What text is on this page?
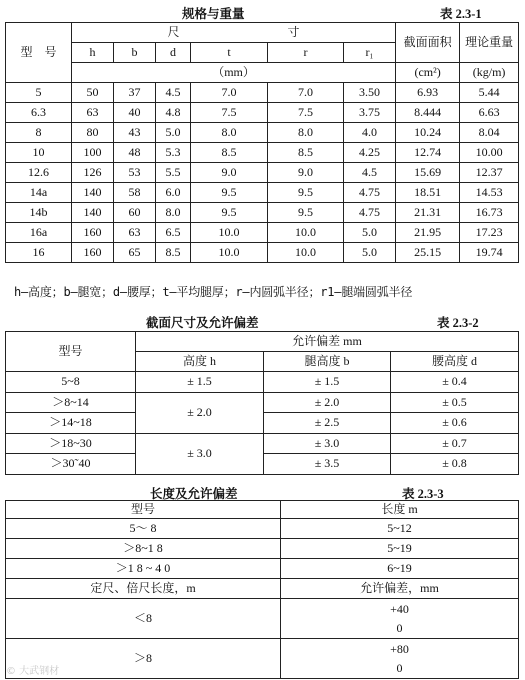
规格与重量	表 2.3-1
型　号	尺　　　　　　　　　寸						截面面积	理论重量
	h	b	d	t	r	r₁		
	（mm）						(cm²)	(kg/m)
5	50	37	4.5	7.0	7.0	3.50	6.93	5.44
6.3	63	40	4.8	7.5	7.5	3.75	8.444	6.63
8	80	43	5.0	8.0	8.0	4.0	10.24	8.04
10	100	48	5.3	8.5	8.5	4.25	12.74	10.00
12.6	126	53	5.5	9.0	9.0	4.5	15.69	12.37
14a	140	58	6.0	9.5	9.5	4.75	18.51	14.53
14b	140	60	8.0	9.5	9.5	4.75	21.31	16.73
16a	160	63	6.5	10.0	10.0	5.0	21.95	17.23
16	160	65	8.5	10.0	10.0	5.0	25.15	19.74
h—高度；b—腿宽；d—腰厚；t—平均腿厚；r—内圆弧半径；r1—腿端圆弧半径
截面尺寸及允许偏差	表 2.3-2
型号	允许偏差 mm		
	高度 h	腿高度 b	腰高度 d
5~8	± 1.5	± 1.5	± 0.4
＞8~14	± 2.0	± 2.0	± 0.5
＞14~18		± 2.5	± 0.6
＞18~30	± 3.0	± 3.0	± 0.7
＞30˜40		± 3.5	± 0.8
长度及允许偏差	表 2.3-3
型号	长度 m
5～ 8	5~12
＞8~1 8	5~19
＞1 8 ~ 4 0	6~19
定尺、倍尺长度，m	允许偏差，mm
＜8	+40
0

＞8	+80
0
© 大武钢材
